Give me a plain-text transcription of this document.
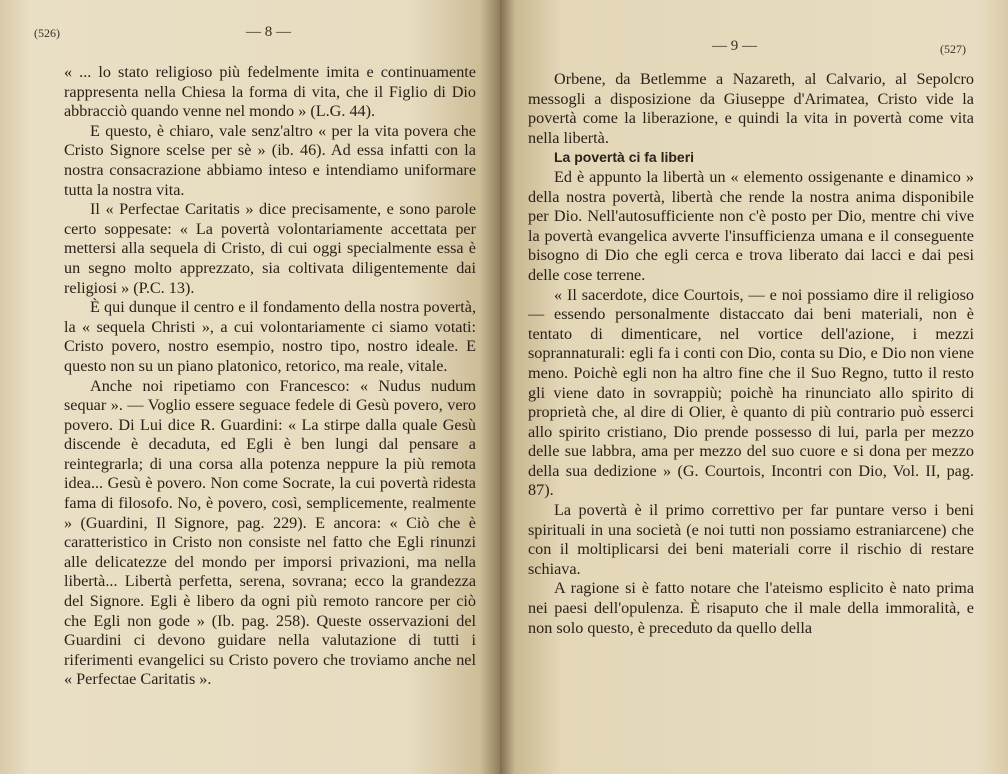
(526)	— 8 —

« ... lo stato religioso più fedelmente imita e continuamente rappresenta nella Chiesa la forma di vita, che il Figlio di Dio abbracciò quando venne nel mondo » (L.G. 44).

E questo, è chiaro, vale senz'altro « per la vita povera che Cristo Signore scelse per sè » (ib. 46). Ad essa infatti con la nostra consacrazione abbiamo inteso e intendiamo uniformare tutta la nostra vita.

Il « Perfectae Caritatis » dice precisamente, e sono parole certo soppesate: « La povertà volontariamente accettata per mettersi alla sequela di Cristo, di cui oggi specialmente essa è un segno molto apprezzato, sia coltivata diligentemente dai religiosi » (P.C. 13).

È qui dunque il centro e il fondamento della nostra povertà, la « sequela Christi », a cui volontariamente ci siamo votati: Cristo povero, nostro esempio, nostro tipo, nostro ideale. E questo non su un piano platonico, retorico, ma reale, vitale.

Anche noi ripetiamo con Francesco: « Nudus nudum sequar ». — Voglio essere seguace fedele di Gesù povero, vero povero. Di Lui dice R. Guardini: « La stirpe dalla quale Gesù discende è decaduta, ed Egli è ben lungi dal pensare a reintegrarla; di una corsa alla potenza neppure la più remota idea... Gesù è povero. Non come Socrate, la cui povertà ridesta fama di filosofo. No, è povero, così, semplicemente, realmente » (Guardini, Il Signore, pag. 229). E ancora: « Ciò che è caratteristico in Cristo non consiste nel fatto che Egli rinunzi alle delicatezze del mondo per imporsi privazioni, ma nella libertà... Libertà perfetta, serena, sovrana; ecco la grandezza del Signore. Egli è libero da ogni più remoto rancore per ciò che Egli non gode » (Ib. pag. 258). Queste osservazioni del Guardini ci devono guidare nella valutazione di tutti i riferimenti evangelici su Cristo povero che troviamo anche nel « Perfectae Caritatis ».

— 9 —	(527)

Orbene, da Betlemme a Nazareth, al Calvario, al Sepolcro messogli a disposizione da Giuseppe d'Arimatea, Cristo vide la povertà come la liberazione, e quindi la vita in povertà come vita nella libertà.

La povertà ci fa liberi

Ed è appunto la libertà un « elemento ossigenante e dinamico » della nostra povertà, libertà che rende la nostra anima disponibile per Dio. Nell'autosufficiente non c'è posto per Dio, mentre chi vive la povertà evangelica avverte l'insufficienza umana e il conseguente bisogno di Dio che egli cerca e trova liberato dai lacci e dai pesi delle cose terrene.

« Il sacerdote, dice Courtois, — e noi possiamo dire il religioso — essendo personalmente distaccato dai beni materiali, non è tentato di dimenticare, nel vortice dell'azione, i mezzi soprannaturali: egli fa i conti con Dio, conta su Dio, e Dio non viene meno. Poichè egli non ha altro fine che il Suo Regno, tutto il resto gli viene dato in sovrappiù; poichè ha rinunciato allo spirito di proprietà che, al dire di Olier, è quanto di più contrario può esserci allo spirito cristiano, Dio prende possesso di lui, parla per mezzo delle sue labbra, ama per mezzo del suo cuore e si dona per mezzo della sua dedizione » (G. Courtois, Incontri con Dio, Vol. II, pag. 87).

La povertà è il primo correttivo per far puntare verso i beni spirituali in una società (e noi tutti non possiamo estraniarcene) che con il moltiplicarsi dei beni materiali corre il rischio di restare schiava.

A ragione si è fatto notare che l'ateismo esplicito è nato prima nei paesi dell'opulenza. È risaputo che il male della immoralità, e non solo questo, è preceduto da quello della
